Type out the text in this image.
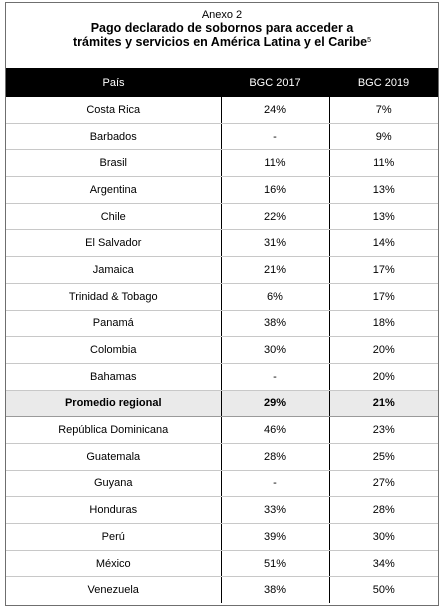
Anexo 2
Pago declarado de sobornos para acceder a
trámites y servicios en América Latina y el Caribe$^5$
País	BGC 2017	BGC 2019
Costa Rica	24%	7%
Barbados	-	9%
Brasil	11%	11%
Argentina	16%	13%
Chile	22%	13%
El Salvador	31%	14%
Jamaica	21%	17%
Trinidad & Tobago	6%	17%
Panamá	38%	18%
Colombia	30%	20%
Bahamas	-	20%
Promedio regional	29%	21%
República Dominicana	46%	23%
Guatemala	28%	25%
Guyana	-	27%
Honduras	33%	28%
Perú	39%	30%
México	51%	34%
Venezuela	38%	50%
